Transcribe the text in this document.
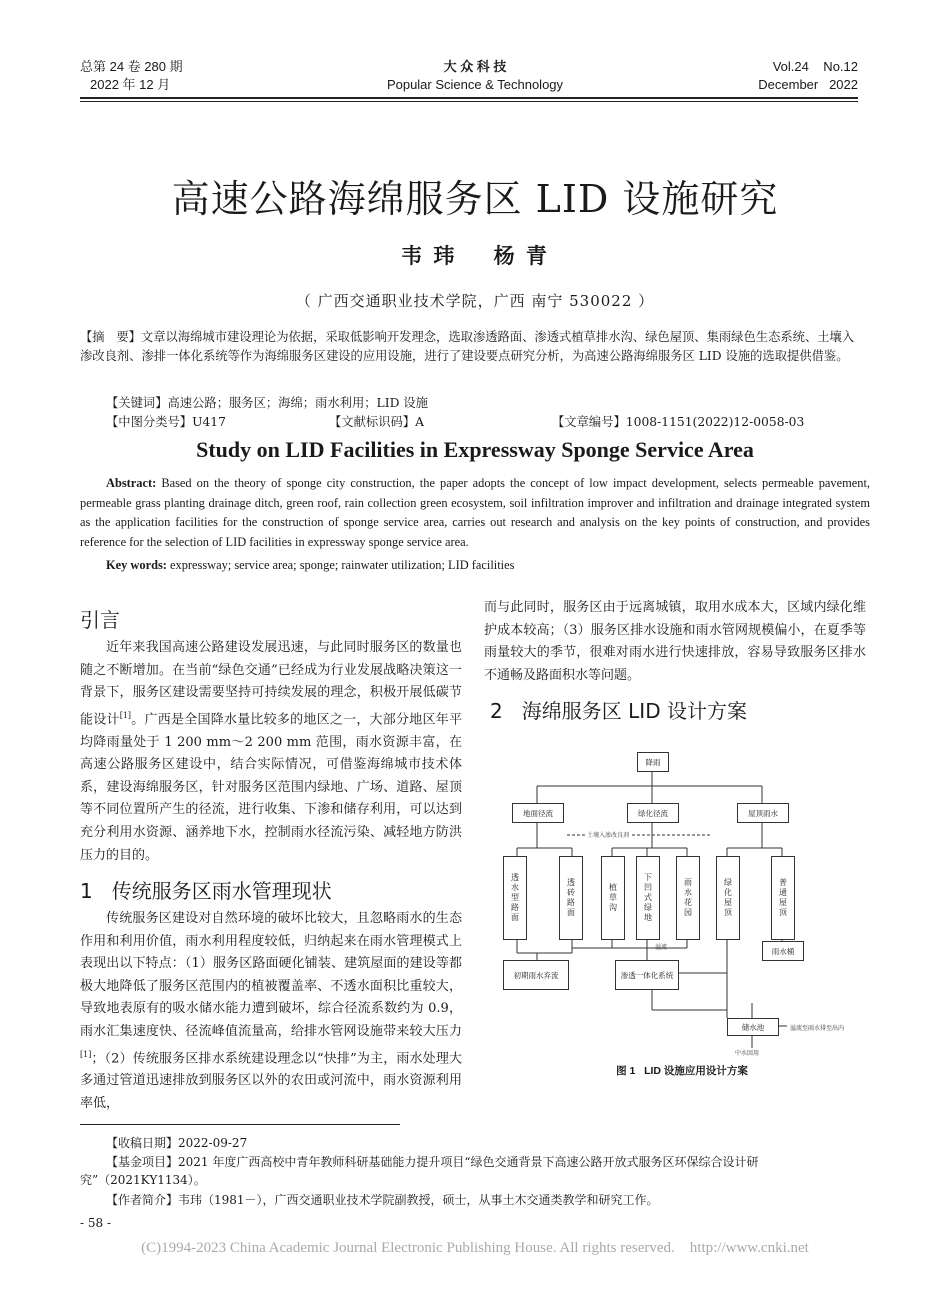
总第 24 卷 280 期
2022 年 12 月
大 众 科 技
Popular Science & Technology
Vol.24    No.12
December   2022
高速公路海绵服务区 LID 设施研究
韦 玮    杨 青
（ 广西交通职业技术学院，广西 南宁 530022 ）
【摘   要】文章以海绵城市建设理论为依据，采取低影响开发理念，选取渗透路面、渗透式植草排水沟、绿色屋顶、集雨绿色生态系统、土壤入渗改良剂、渗排一体化系统等作为海绵服务区建设的应用设施，进行了建设要点研究分析，为高速公路海绵服务区 LID 设施的选取提供借鉴。
【关键词】高速公路；服务区；海绵；雨水利用；LID 设施
【中图分类号】U417	【文献标识码】A	【文章编号】1008-1151(2022)12-0058-03
Study on LID Facilities in Expressway Sponge Service Area
Abstract: Based on the theory of sponge city construction, the paper adopts the concept of low impact development, selects permeable pavement, permeable grass planting drainage ditch, green roof, rain collection green ecosystem, soil infiltration improver and infiltration and drainage integrated system as the application facilities for the construction of sponge service area, carries out research and analysis on the key points of construction, and provides reference for the selection of LID facilities in expressway sponge service area.
Key words: expressway; service area; sponge; rainwater utilization; LID facilities
引言

近年来我国高速公路建设发展迅速，与此同时服务区的数量也随之不断增加。在当前“绿色交通”已经成为行业发展战略决策这一背景下，服务区建设需要坚持可持续发展的理念，积极开展低碳节能设计[1]。广西是全国降水量比较多的地区之一，大部分地区年平均降雨量处于 1 200 mm～2 200 mm 范围，雨水资源丰富，在高速公路服务区建设中，结合实际情况，可借鉴海绵城市技术体系，建设海绵服务区，针对服务区范围内绿地、广场、道路、屋顶等不同位置所产生的径流，进行收集、下渗和储存利用，可以达到充分利用水资源、涵养地下水，控制雨水径流污染、减轻地方防洪压力的目的。

1   传统服务区雨水管理现状

传统服务区建设对自然环境的破坏比较大，且忽略雨水的生态作用和利用价值，雨水利用程度较低，归纳起来在雨水管理模式上表现出以下特点：（1）服务区路面硬化铺装、建筑屋面的建设等都极大地降低了服务区范围内的植被覆盖率、不透水面积比重较大，导致地表原有的吸水储水能力遭到破坏，综合径流系数约为 0.9，雨水汇集速度快、径流峰值流量高，给排水管网设施带来较大压力[1]；（2）传统服务区排水系统建设理念以“快排”为主，雨水处理大多通过管道迅速排放到服务区以外的农田或河流中，雨水资源利用率低，

而与此同时，服务区由于远离城镇，取用水成本大，区域内绿化维护成本较高；（3）服务区排水设施和雨水管网规模偏小，在夏季等雨量较大的季节，很难对雨水进行快速排放，容易导致服务区排水不通畅及路面积水等问题。
2   海绵服务区 LID 设计方案
降雨
地面径流	绿化径流	屋顶雨水
土壤入渗改良剂
透水型路面	透砖路面	植草沟	下凹式绿地	雨水花园	绿化屋顶	普通屋顶
溢流
初期雨水弃流	渗透一体化系统
雨水桶
储水池
中水回用
溢流至雨水排至出内
图 1   LID 设施应用设计方案
【收稿日期】2022-09-27
【基金项目】2021 年度广西高校中青年教师科研基础能力提升项目“绿色交通背景下高速公路开放式服务区环保综合设计研究”（2021KY1134）。
【作者简介】韦玮（1981－），广西交通职业技术学院副教授，硕士，从事土木交通类教学和研究工作。
- 58 -
(C)1994-2023 China Academic Journal Electronic Publishing House. All rights reserved.    http://www.cnki.net
